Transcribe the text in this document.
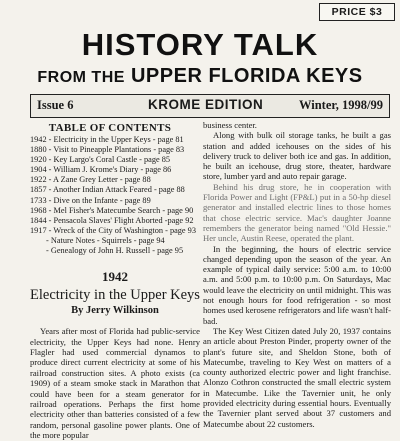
PRICE $3
HISTORY TALK
FROM THE UPPER FLORIDA KEYS
Issue 6	KROME EDITION	Winter, 1998/99
TABLE OF CONTENTS
1942 - Electricity in the Upper Keys - page 81
1880 - Visit to Pineapple Plantations - page 83
1920 - Key Largo's Coral Castle - page 85
1904 - William J. Krome's Diary - page 86
1922 - A Zane Grey Letter - page 88
1857 - Another Indian Attack Feared - page 88
1733 - Dive on the Infante - page 89
1968 - Mel Fisher's Matecumbe Search - page 90
1844 - Pensacola Slaves' Flight Aborted -page 92
1917 - Wreck of the City of Washington - page 93
- Nature Notes - Squirrels - page 94
- Genealogy of John H. Russell - page 95
1942
Electricity in the Upper Keys
By Jerry Wilkinson

Years after most of Florida had public-service electricity, the Upper Keys had none. Henry Flagler had used commercial dynamos to produce direct current electricity at some of his railroad construction sites. A photo exists (ca 1909) of a steam smoke stack in Marathon that could have been for a steam generator for railroad operations. Perhaps the first home electricity other than batteries consisted of a few random, personal gasoline power plants. One of the more popular

business center.

Along with bulk oil storage tanks, he built a gas station and added icehouses on the sides of his delivery truck to deliver both ice and gas. In addition, he built an icehouse, drug store, theater, hardware store, lumber yard and auto repair garage.

Behind his drug store, he in cooperation with Florida Power and Light (FP&L) put in a 50-hp diesel generator and installed electric lines to those homes that chose electric service. Mac's daughter Joanne remembers the generator being named "Old Hessie." Her uncle, Austin Reese, operated the plant.

In the beginning, the hours of electric service changed depending upon the season of the year. An example of typical daily service: 5:00 a.m. to 10:00 a.m. and 5:00 p.m. to 10:00 p.m. On Saturdays, Mac would leave the electricity on until midnight. This was not enough hours for food refrigeration - so most homes used kerosene refrigerators and life wasn't half-bad.

The Key West Citizen dated July 20, 1937 contains an article about Preston Pinder, property owner of the plant's future site, and Sheldon Stone, both of Matecumbe, traveling to Key West on matters of a county authorized electric power and light franchise. Alonzo Cothron constructed the small electric system in Matecumbe. Like the Tavernier unit, he only provided electricity during essential hours. Eventually the Tavernier plant served about 37 customers and Matecumbe about 22 customers.
